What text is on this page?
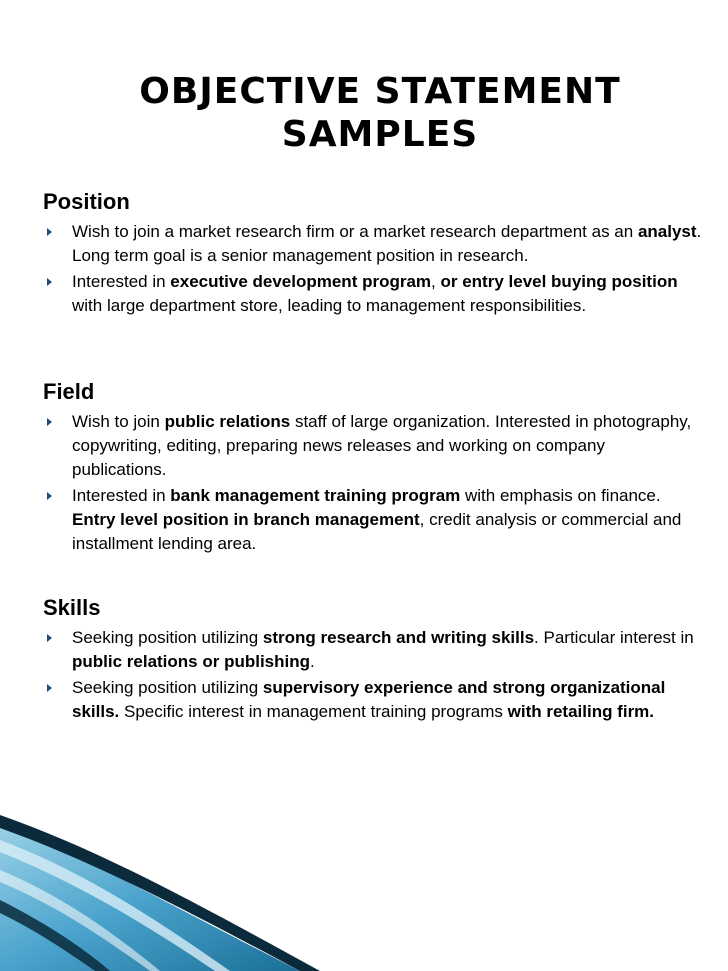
OBJECTIVE STATEMENT
SAMPLES
Position
Wish to join a market research firm or a market research department as an analyst. Long term goal is a senior management position in research.
Interested in executive development program, or entry level buying position with large department store, leading to management responsibilities.
Field
Wish to join public relations staff of large organization. Interested in photography, copywriting, editing, preparing news releases and working on company publications.
Interested in bank management training program with emphasis on finance. Entry level position in branch management, credit analysis or commercial and installment lending area.
Skills
Seeking position utilizing strong research and writing skills. Particular interest in public relations or publishing.
Seeking position utilizing supervisory experience and strong organizational skills. Specific interest in management training programs with retailing firm.
